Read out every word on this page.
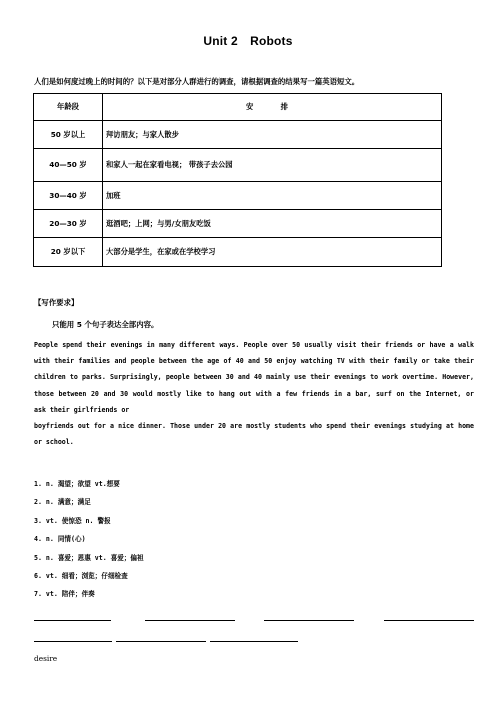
Unit 2　Robots
人们是如何度过晚上的时间的？以下是对部分人群进行的调查，请根据调查的结果写一篇英语短文。
年龄段	安　排
50 岁以上	拜访朋友；与家人散步
40—50 岁	和家人一起在家看电视； 带孩子去公园
30—40 岁	加班
20—30 岁	逛酒吧；上网；与男/女朋友吃饭
20 岁以下	大部分是学生，在家或在学校学习
【写作要求】
只能用 5 个句子表达全部内容。

People spend their evenings in many different ways. People over 50 usually visit their friends or have a walk with their families and people between the age of 40 and 50 enjoy watching TV with their family or take their children to parks. Surprisingly, people between 30 and 40 mainly use their evenings to work overtime. However, those between 20 and 30 would mostly like to hang out with a few friends in a bar, surf on the Internet, or ask their girlfriends or

boyfriends out for a nice dinner. Those under 20 are mostly students who spend their evenings studying at home or school.

1. n. 渴望；欲望 vt.想要
2. n. 满意；满足
3. vt. 使惊恐 n. 警报
4. n. 同情(心)
5. n. 喜爱；恩惠 vt. 喜爱；偏袒
6. vt. 细看；浏览；仔细检查
7. vt. 陪伴；伴奏
desire
